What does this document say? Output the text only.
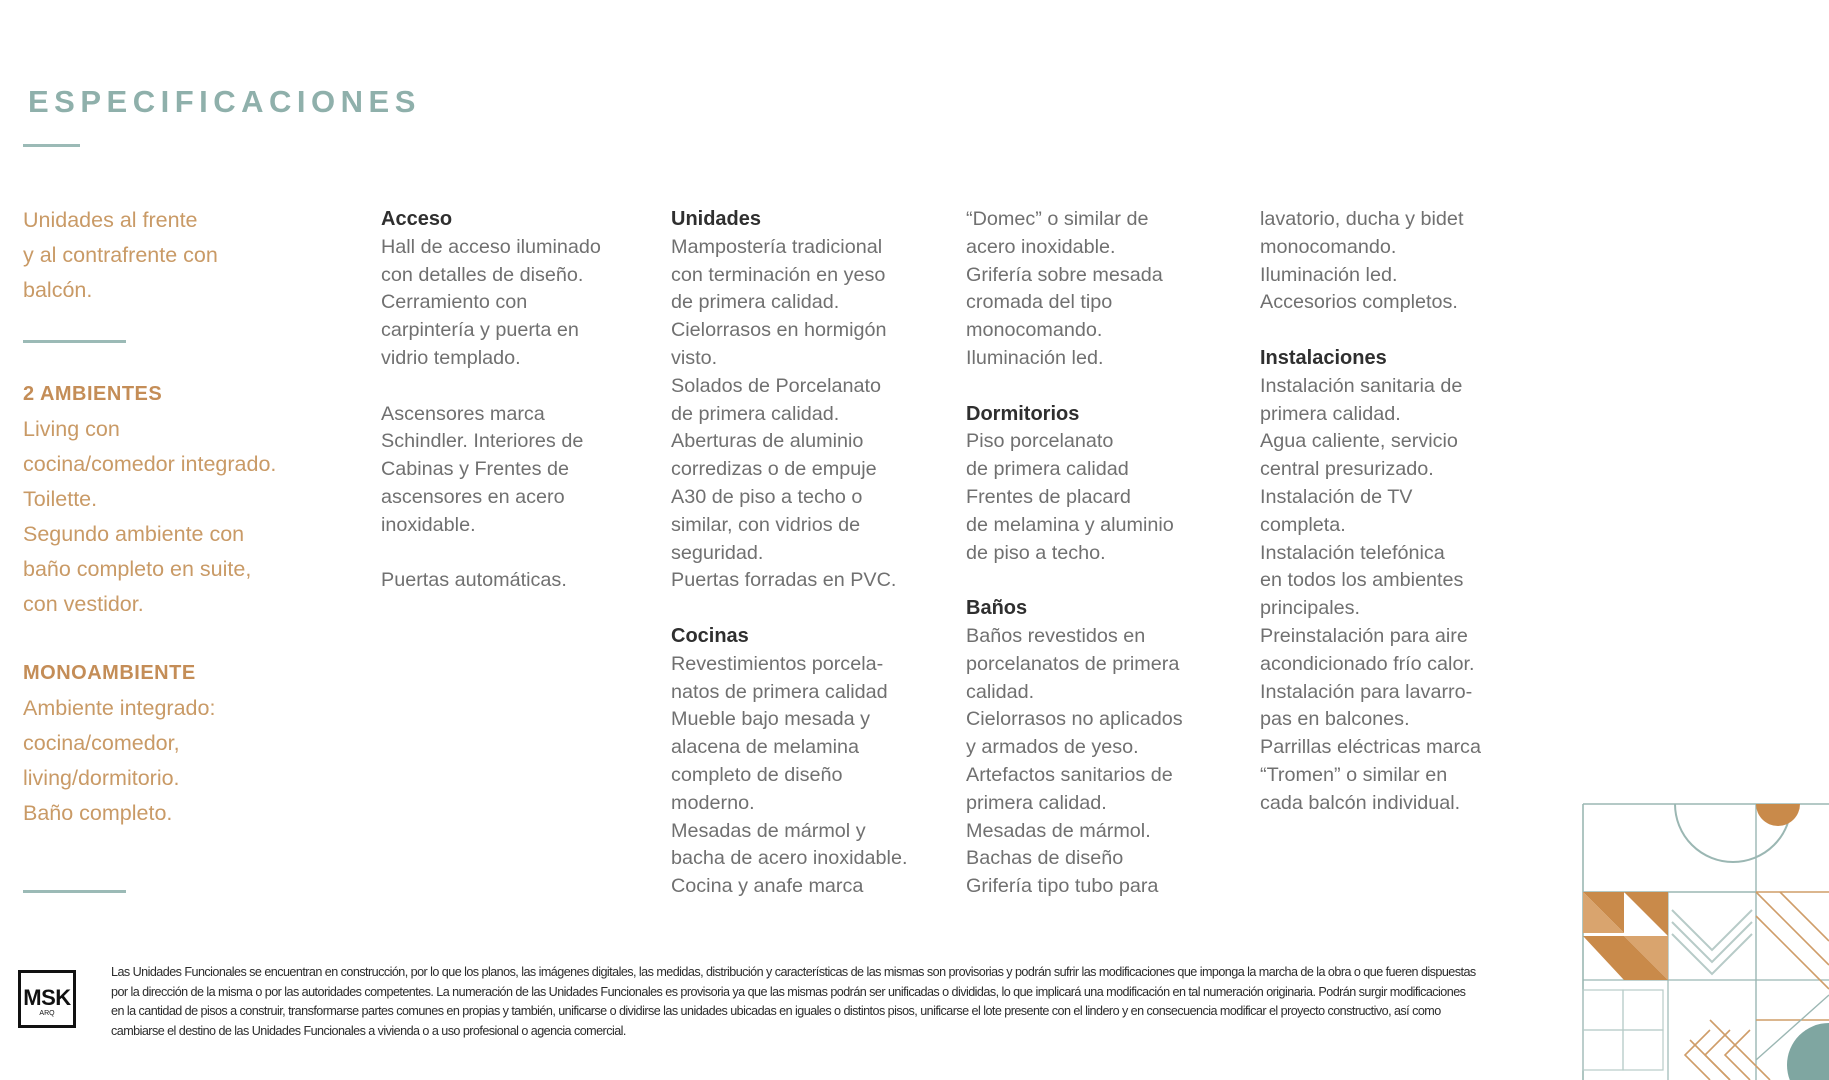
ESPECIFICACIONES
Unidades al frente
y al contrafrente con
balcón.
2 AMBIENTES
Living con
cocina/comedor integrado.
Toilette.
Segundo ambiente con
baño completo en suite,
con vestidor.
MONOAMBIENTE
Ambiente integrado:
cocina/comedor,
living/dormitorio.
Baño completo.
Acceso
Hall de acceso iluminado
con detalles de diseño.
Cerramiento con
carpintería y puerta en
vidrio templado.
Ascensores marca
Schindler. Interiores de
Cabinas y Frentes de
ascensores en acero
inoxidable.
Puertas automáticas.
Unidades
Mampostería tradicional
con terminación en yeso
de primera calidad.
Cielorrasos en hormigón
visto.
Solados de Porcelanato
de primera calidad.
Aberturas de aluminio
corredizas o de empuje
A30 de piso a techo o
similar, con vidrios de
seguridad.
Puertas forradas en PVC.
Cocinas
Revestimientos porcela-
natos de primera calidad
Mueble bajo mesada y
alacena de melamina
completo de diseño
moderno.
Mesadas de mármol y
bacha de acero inoxidable.
Cocina y anafe marca
“Domec” o similar de
acero inoxidable.
Grifería sobre mesada
cromada del tipo
monocomando.
Iluminación led.
Dormitorios
Piso porcelanato
de primera calidad
Frentes de placard
de melamina y aluminio
de piso a techo.
Baños
Baños revestidos en
porcelanatos de primera
calidad.
Cielorrasos no aplicados
y armados de yeso.
Artefactos sanitarios de
primera calidad.
Mesadas de mármol.
Bachas de diseño
Grifería tipo tubo para
lavatorio, ducha y bidet
monocomando.
Iluminación led.
Accesorios completos.
Instalaciones
Instalación sanitaria de
primera calidad.
Agua caliente, servicio
central presurizado.
Instalación de TV
completa.
Instalación telefónica
en todos los ambientes
principales.
Preinstalación para aire
acondicionado frío calor.
Instalación para lavarro-
pas en balcones.
Parrillas eléctricas marca
“Tromen” o similar en
cada balcón individual.
MSK
ARQ
Las Unidades Funcionales se encuentran en construcción, por lo que los planos, las imágenes digitales, las medidas, distribución y características de las mismas son provisorias y podrán sufrir las modificaciones que imponga la marcha de la obra o que fueren dispuestas
por la dirección de la misma o por las autoridades competentes. La numeración de las Unidades Funcionales es provisoria ya que las mismas podrán ser unificadas o divididas, lo que implicará una modificación en tal numeración originaria. Podrán surgir modificaciones
en la cantidad de pisos a construir, transformarse partes comunes en propias y también, unificarse o dividirse las unidades ubicadas en iguales o distintos pisos, unificarse el lote presente con el lindero y en consecuencia modificar el proyecto constructivo, así como
cambiarse el destino de las Unidades Funcionales a vivienda o a uso profesional o agencia comercial.
